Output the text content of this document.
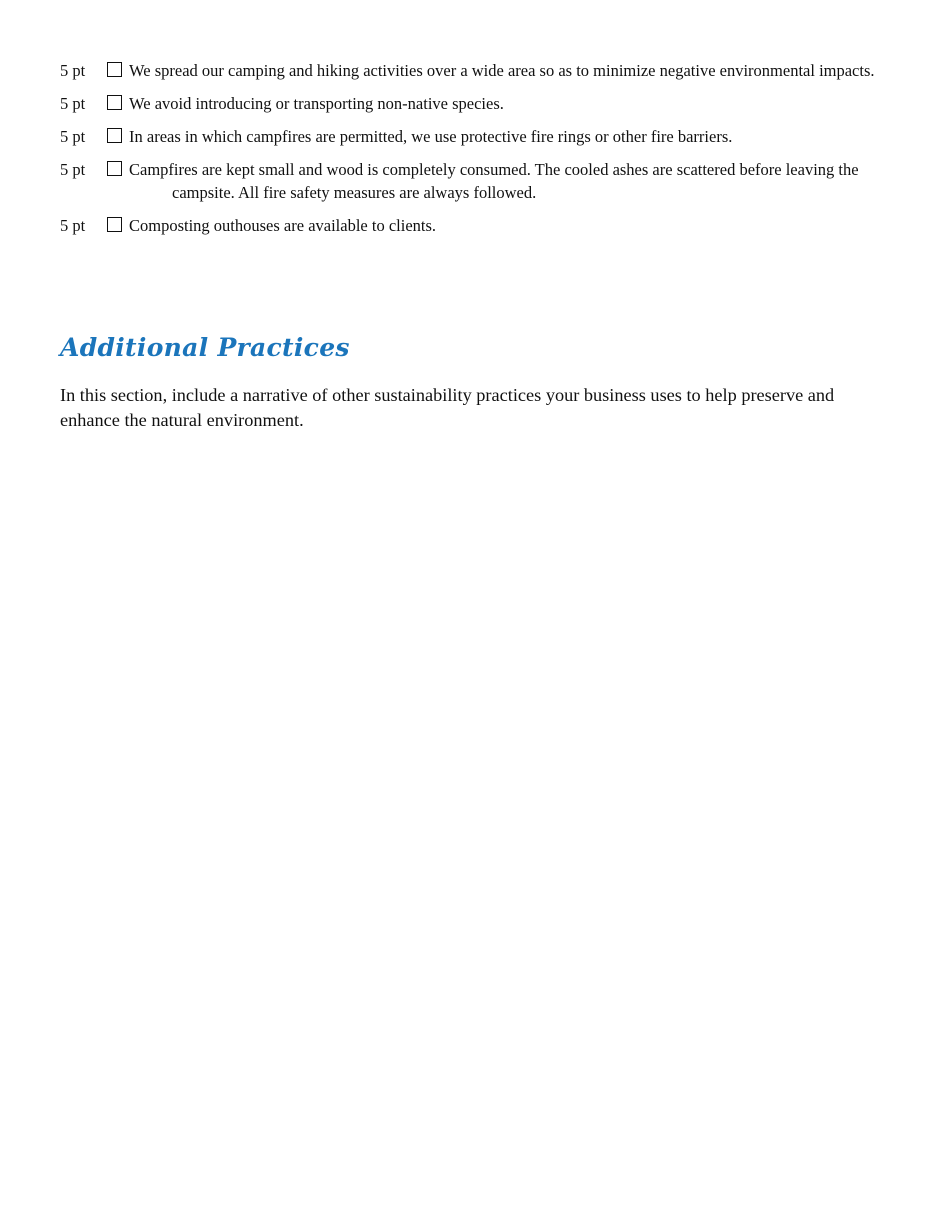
5 pt	We spread our camping and hiking activities over a wide area so as to minimize negative environmental impacts.
5 pt	We avoid introducing or transporting non-native species.
5 pt	In areas in which campfires are permitted, we use protective fire rings or other fire barriers.
5 pt	Campfires are kept small and wood is completely consumed. The cooled ashes are scattered before leaving the campsite. All fire safety measures are always followed.
5 pt	Composting outhouses are available to clients.
Additional Practices

In this section, include a narrative of other sustainability practices your business uses to help preserve and enhance the natural environment.
